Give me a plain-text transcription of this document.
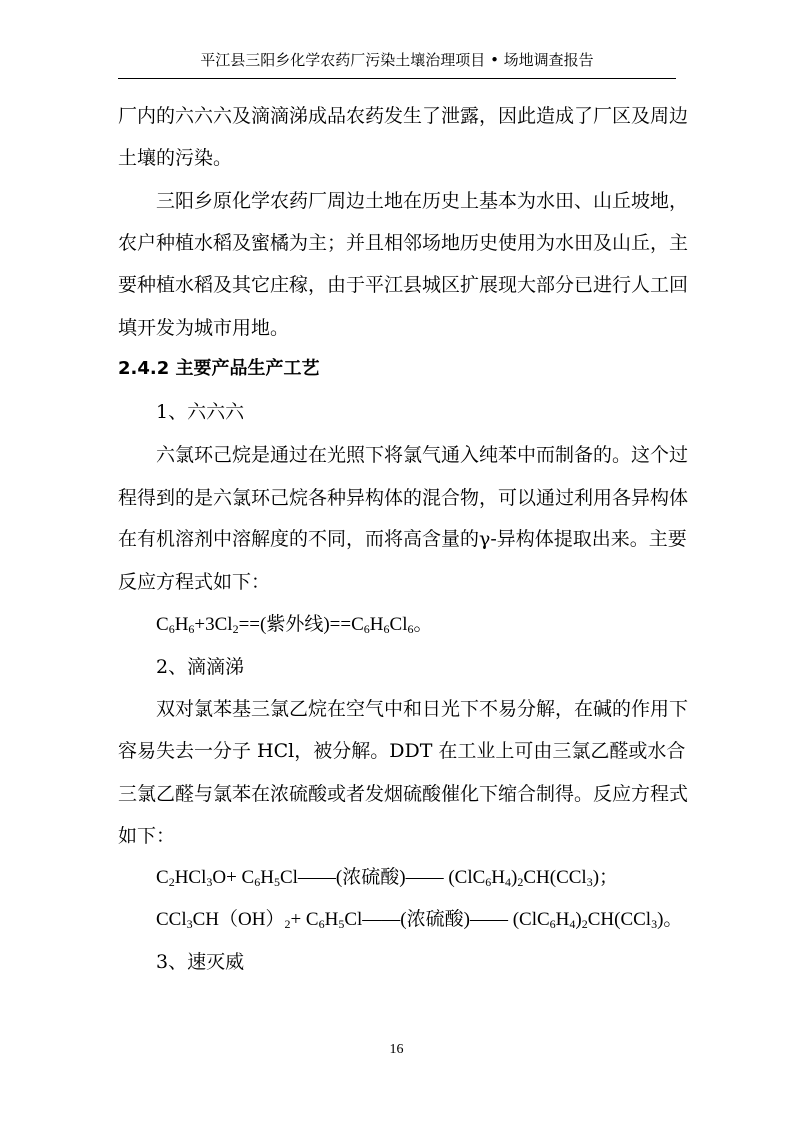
平江县三阳乡化学农药厂污染土壤治理项目 • 场地调查报告
厂内的六六六及滴滴涕成品农药发生了泄露，因此造成了厂区及周边
土壤的污染。
三阳乡原化学农药厂周边土地在历史上基本为水田、山丘坡地，
农户种植水稻及蜜橘为主；并且相邻场地历史使用为水田及山丘，主
要种植水稻及其它庄稼，由于平江县城区扩展现大部分已进行人工回
填开发为城市用地。
2.4.2 主要产品生产工艺
1、六六六
六氯环己烷是通过在光照下将氯气通入纯苯中而制备的。这个过
程得到的是六氯环己烷各种异构体的混合物，可以通过利用各异构体
在有机溶剂中溶解度的不同，而将高含量的γ-异构体提取出来。主要
反应方程式如下：
$C_6H_6+3Cl_2==$(紫外线)$==C_6H_6Cl_6$。
2、滴滴涕
双对氯苯基三氯乙烷在空气中和日光下不易分解，在碱的作用下
容易失去一分子 HCl，被分解。DDT 在工业上可由三氯乙醛或水合
三氯乙醛与氯苯在浓硫酸或者发烟硫酸催化下缩合制得。反应方程式
如下：
$C_2HCl_3O+$ $C_6H_5Cl——$(浓硫酸)—— $(ClC_6H_4)_2CH(CCl_3)$；
$CCl_3CH(OH)_2+$ $C_6H_5Cl——$(浓硫酸)—— $(ClC_6H_4)_2CH(CCl_3)$。
3、速灭威
16
